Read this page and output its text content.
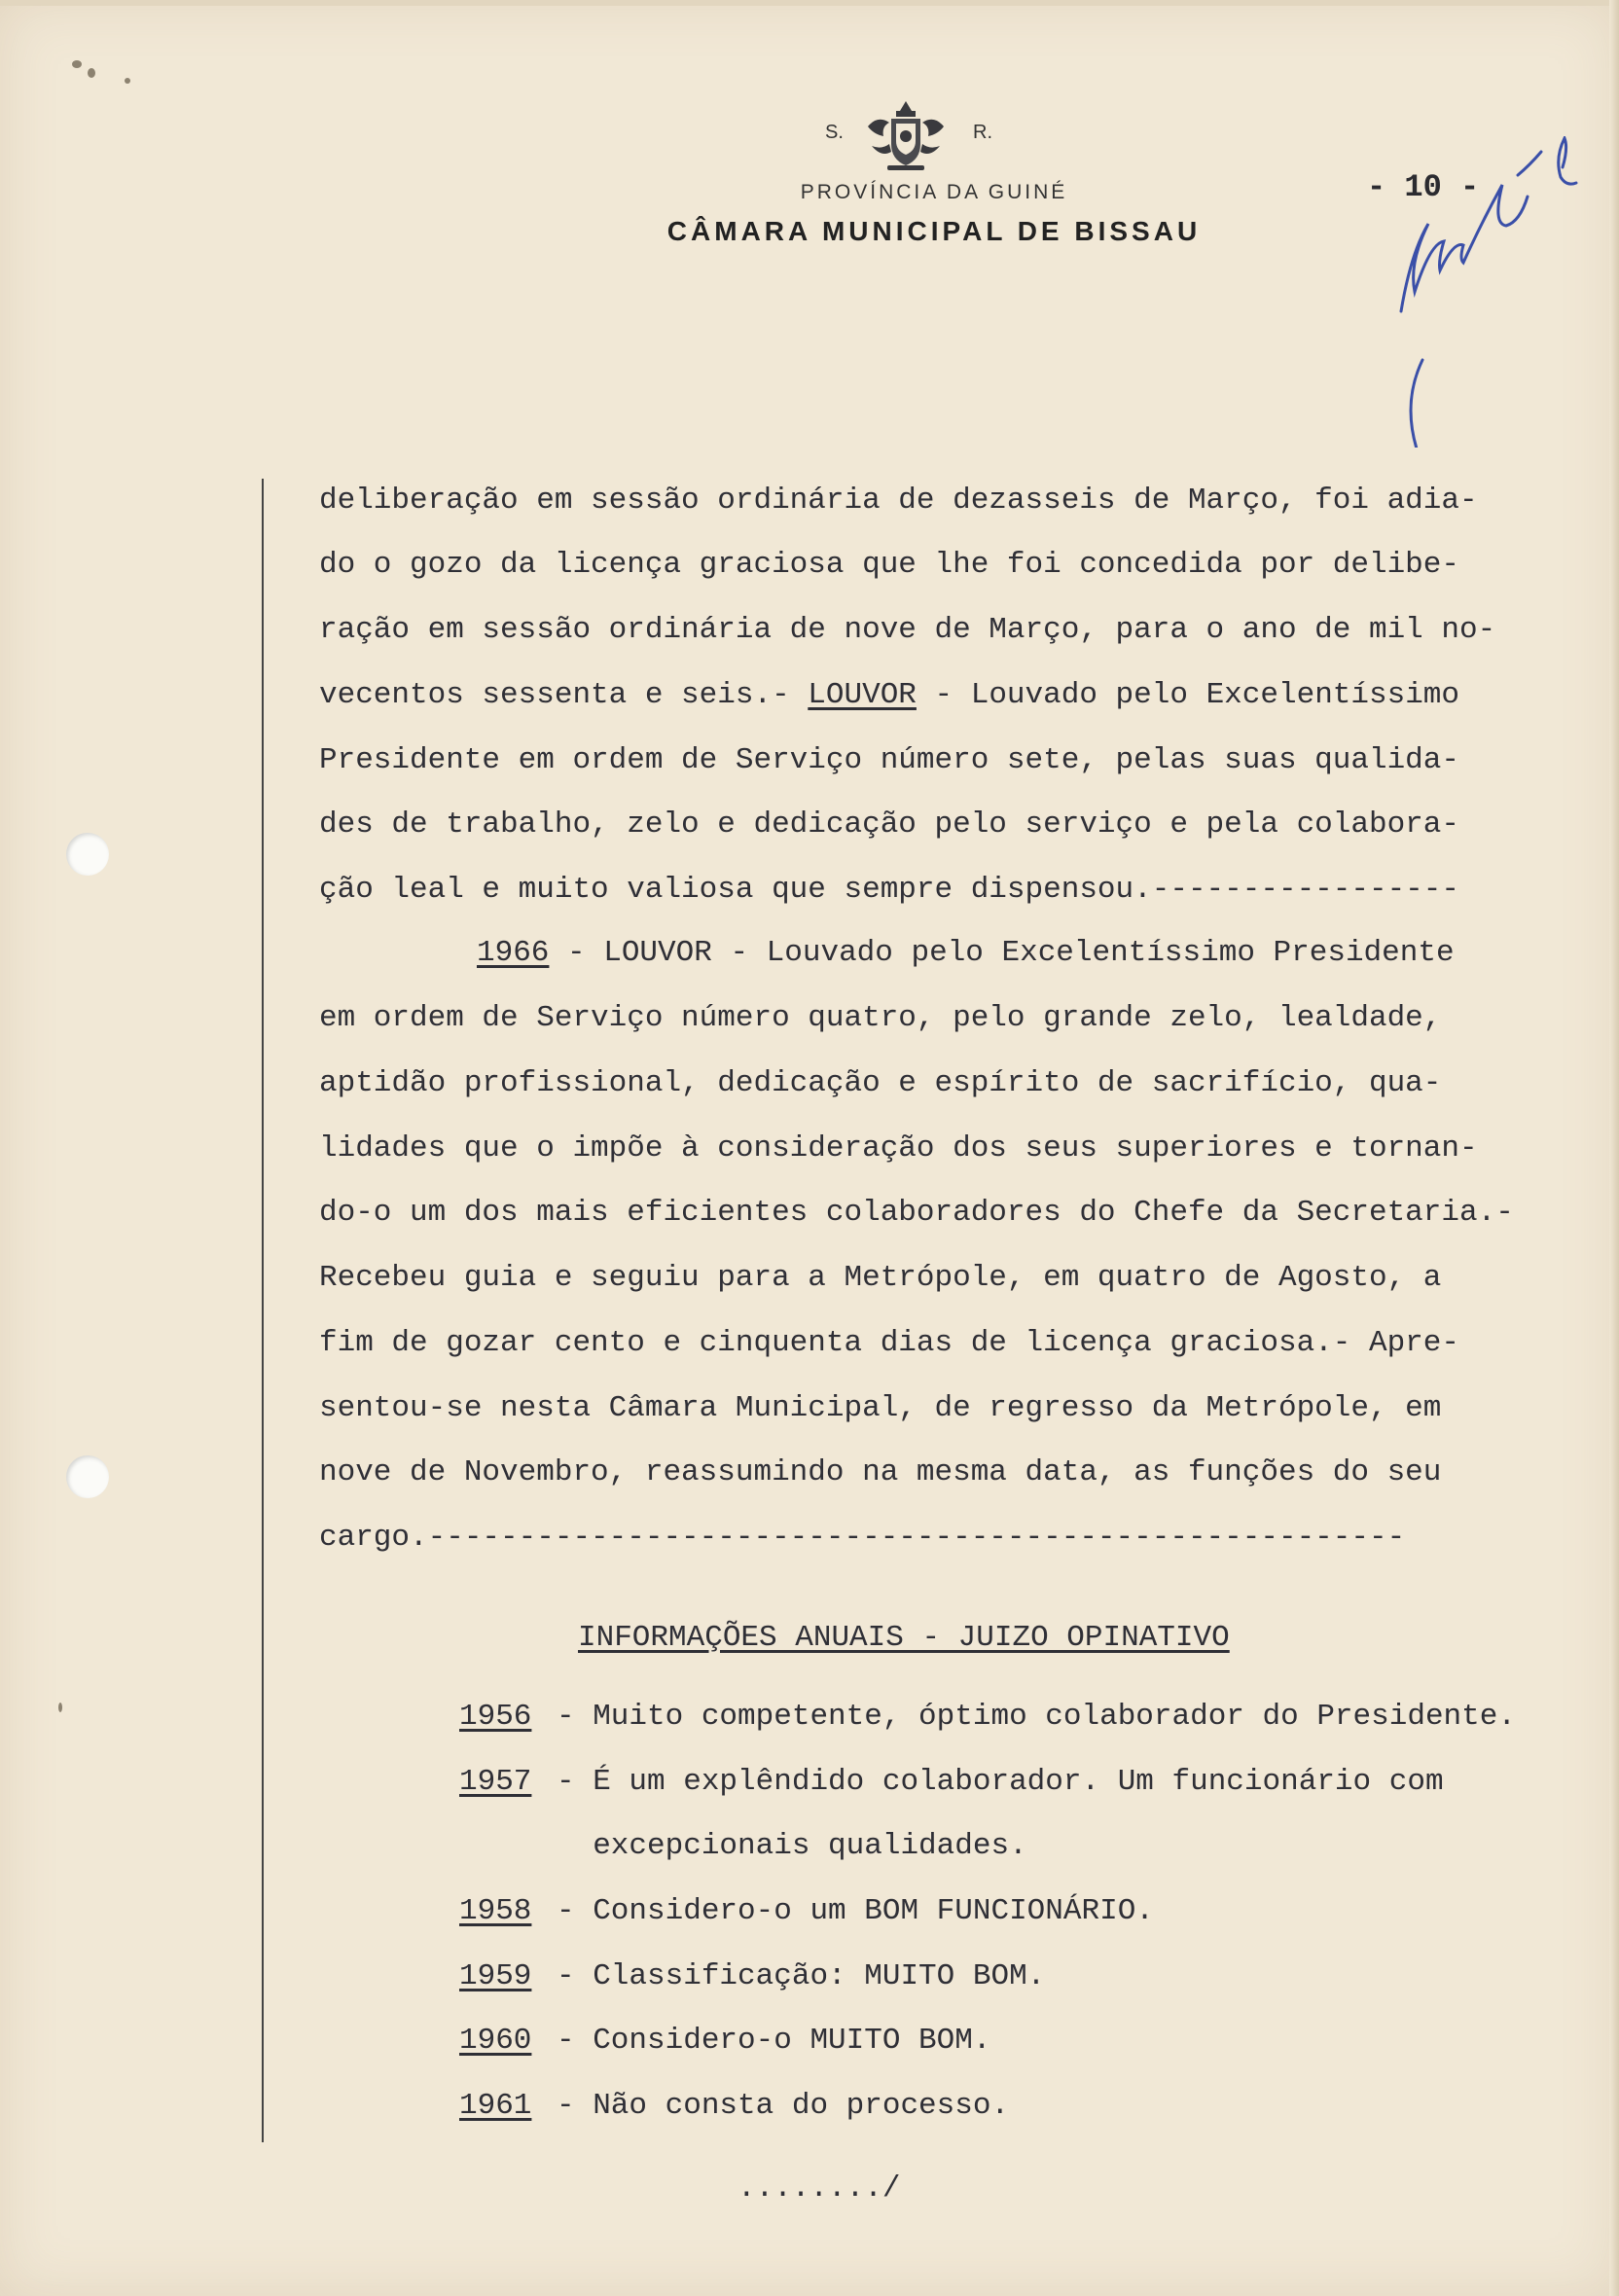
S.	R.
PROVÍNCIA DA GUINÉ
CÂMARA MUNICIPAL DE BISSAU
- 10 -
deliberação em sessão ordinária de dezasseis de Março, foi adia-
do o gozo da licença graciosa que lhe foi concedida por delibe-
ração em sessão ordinária de nove de Março, para o ano de mil no-
vecentos sessenta e seis.- LOUVOR - Louvado pelo Excelentíssimo
Presidente em ordem de Serviço número sete, pelas suas qualida-
des de trabalho, zelo e dedicação pelo serviço e pela colabora-
ção leal e muito valiosa que sempre dispensou.-----------------
1966 - LOUVOR - Louvado pelo Excelentíssimo Presidente
em ordem de Serviço número quatro, pelo grande zelo, lealdade,
aptidão profissional, dedicação e espírito de sacrifício, qua-
lidades que o impõe à consideração dos seus superiores e tornan-
do-o um dos mais eficientes colaboradores do Chefe da Secretaria.-
Recebeu guia e seguiu para a Metrópole, em quatro de Agosto, a
fim de gozar cento e cinquenta dias de licença graciosa.- Apre-
sentou-se nesta Câmara Municipal, de regresso da Metrópole, em
nove de Novembro, reassumindo na mesma data, as funções do seu
cargo.------------------------------------------------------
INFORMAÇÕES ANUAIS - JUIZO OPINATIVO
1956 - Muito competente, óptimo colaborador do Presidente.
1957 - É um explêndido colaborador. Um funcionário com
excepcionais qualidades.
1958 - Considero-o um BOM FUNCIONÁRIO.
1959 - Classificação: MUITO BOM.
1960 - Considero-o MUITO BOM.
1961 - Não consta do processo.
......../
